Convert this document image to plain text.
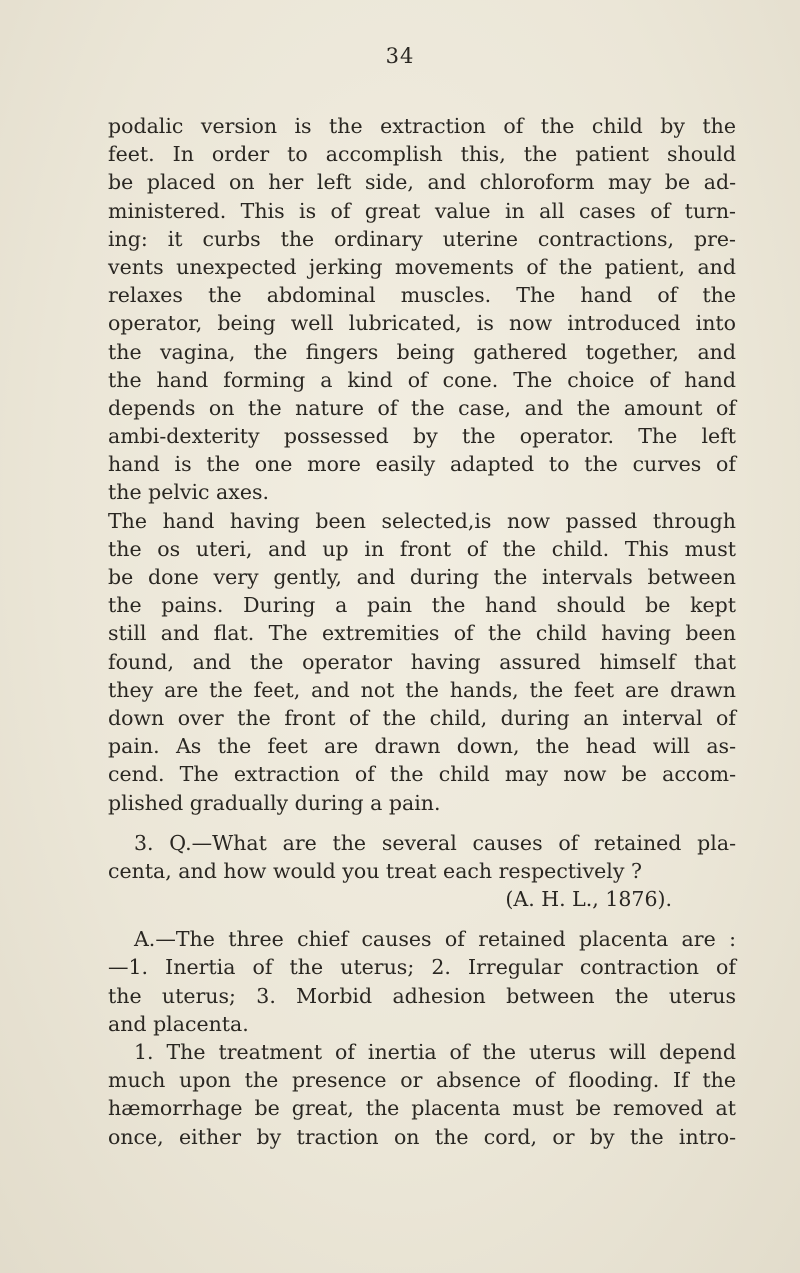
34
podalic version is the extraction of the child by the
feet. In order to accomplish this, the patient should
be placed on her left side, and chloroform may be ad-
ministered. This is of great value in all cases of turn-
ing: it curbs the ordinary uterine contractions, pre-
vents unexpected jerking movements of the patient, and
relaxes the abdominal muscles. The hand of the
operator, being well lubricated, is now introduced into
the vagina, the fingers being gathered together, and
the hand forming a kind of cone. The choice of hand
depends on the nature of the case, and the amount of
ambi-dexterity possessed by the operator. The left
hand is the one more easily adapted to the curves of
the pelvic axes.
The hand having been selected,is now passed through
the os uteri, and up in front of the child. This must
be done very gently, and during the intervals between
the pains. During a pain the hand should be kept
still and flat. The extremities of the child having been
found, and the operator having assured himself that
they are the feet, and not the hands, the feet are drawn
down over the front of the child, during an interval of
pain. As the feet are drawn down, the head will as-
cend. The extraction of the child may now be accom-
plished gradually during a pain.
3. Q.—What are the several causes of retained pla-
centa, and how would you treat each respectively ?
(A. H. L., 1876).
A.—The three chief causes of retained placenta are :
—1. Inertia of the uterus; 2. Irregular contraction of
the uterus; 3. Morbid adhesion between the uterus
and placenta.
1. The treatment of inertia of the uterus will depend
much upon the presence or absence of flooding. If the
hæmorrhage be great, the placenta must be removed at
once, either by traction on the cord, or by the intro-
